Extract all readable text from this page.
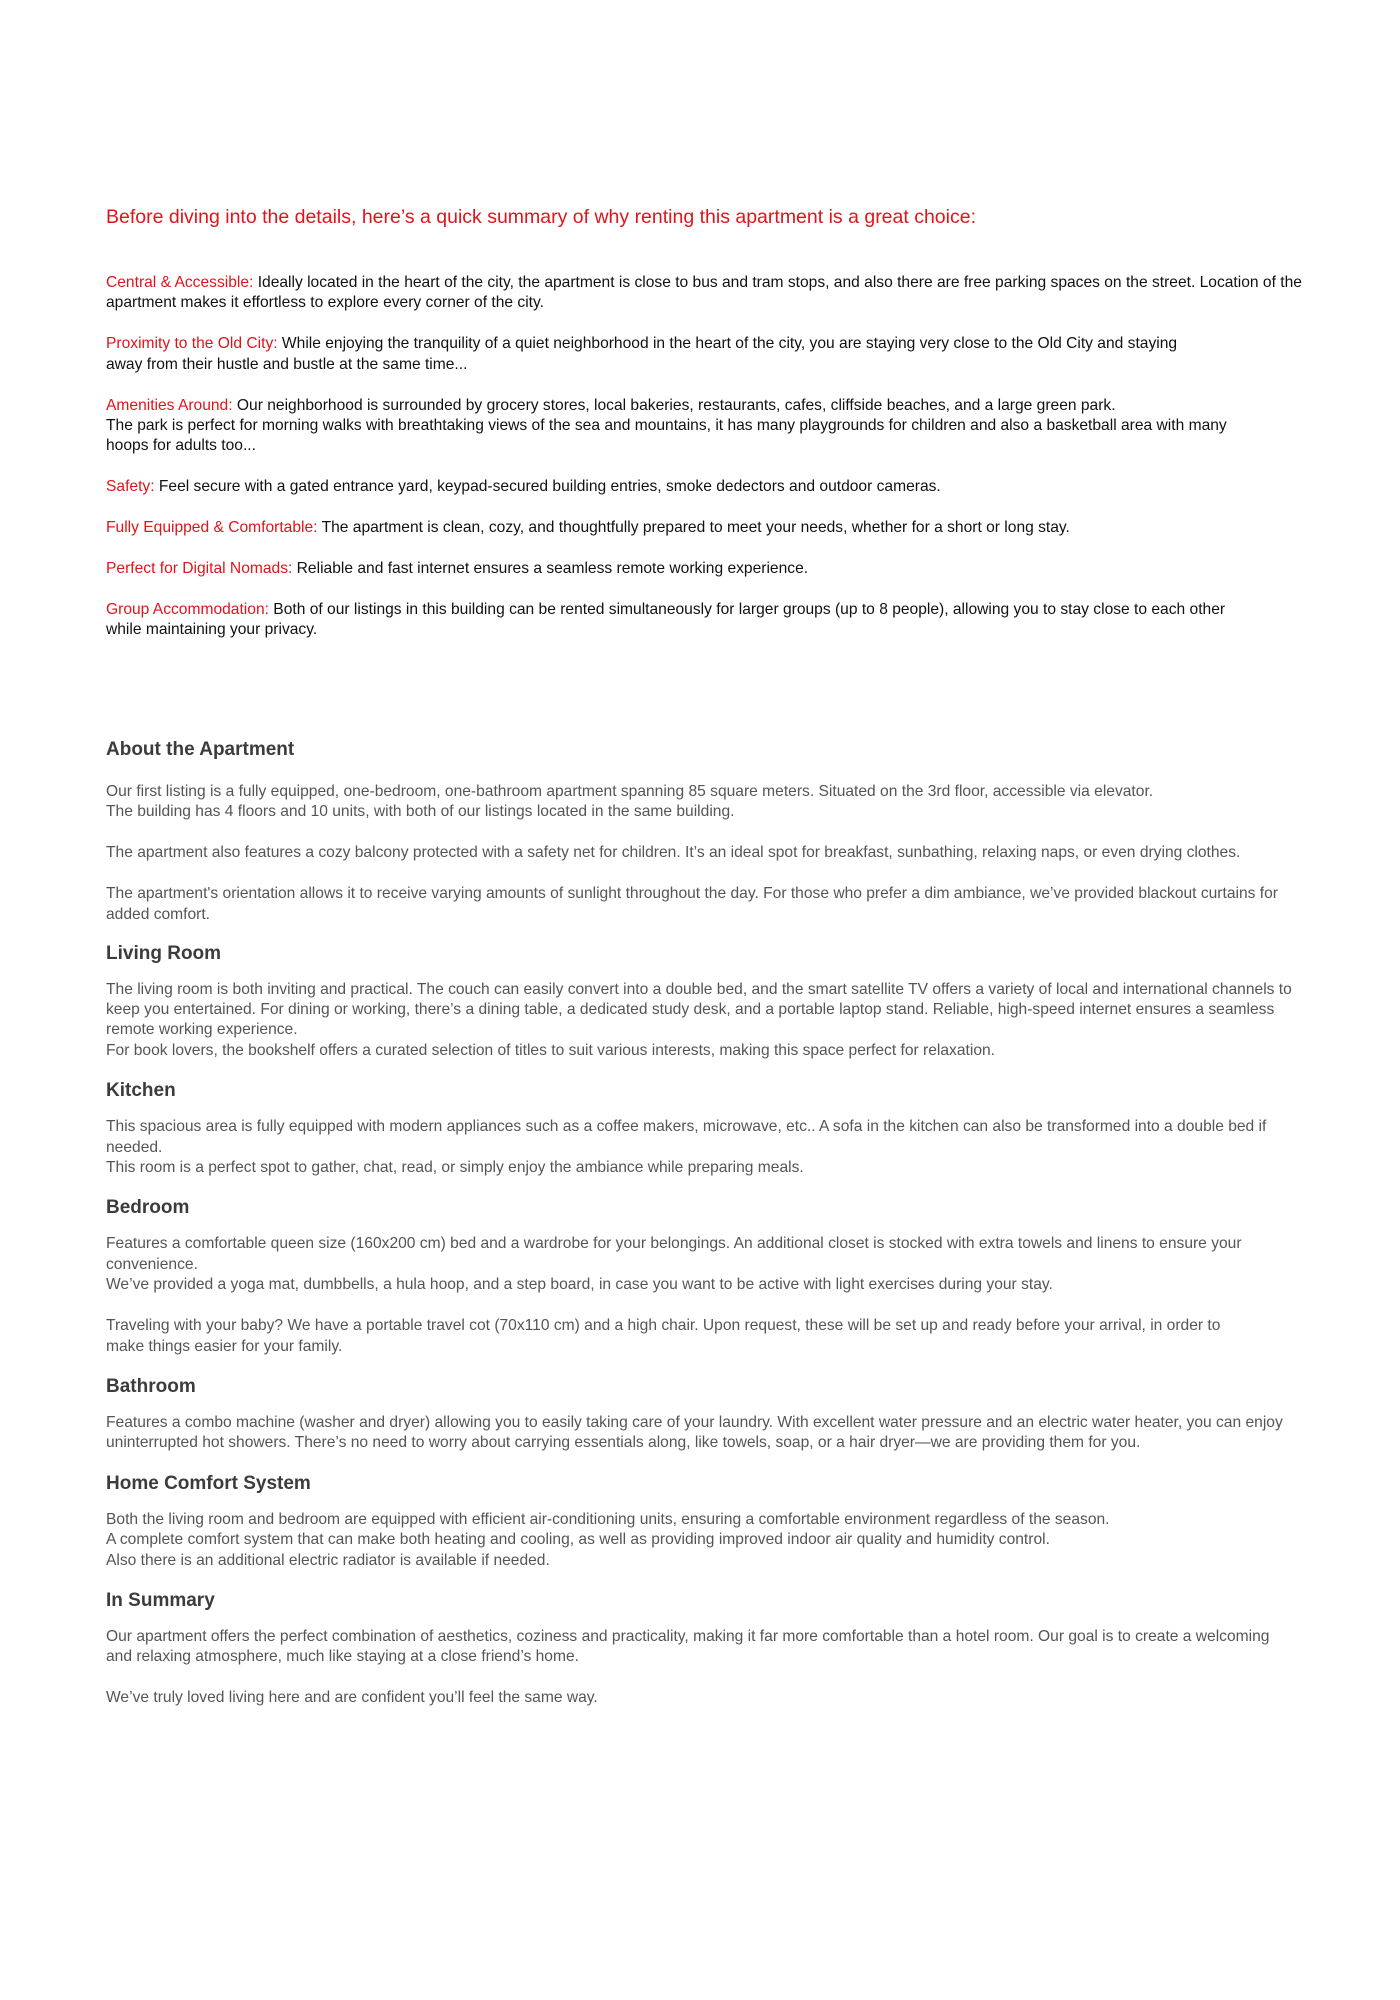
Before diving into the details, here’s a quick summary of why renting this apartment is a great choice:

Central & Accessible: Ideally located in the heart of the city, the apartment is close to bus and tram stops, and also there are free parking spaces on the street. Location of the apartment makes it effortless to explore every corner of the city.

Proximity to the Old City: While enjoying the tranquility of a quiet neighborhood in the heart of the city, you are staying very close to the Old City and staying away from their hustle and bustle at the same time...

Amenities Around: Our neighborhood is surrounded by grocery stores, local bakeries, restaurants, cafes, cliffside beaches, and a large green park.
The park is perfect for morning walks with breathtaking views of the sea and mountains, it has many playgrounds for children and also a basketball area with many hoops for adults too...

Safety: Feel secure with a gated entrance yard, keypad-secured building entries, smoke dedectors and outdoor cameras.

Fully Equipped & Comfortable: The apartment is clean, cozy, and thoughtfully prepared to meet your needs, whether for a short or long stay.

Perfect for Digital Nomads: Reliable and fast internet ensures a seamless remote working experience.

Group Accommodation: Both of our listings in this building can be rented simultaneously for larger groups (up to 8 people), allowing you to stay close to each other while maintaining your privacy.

About the Apartment

Our first listing is a fully equipped, one-bedroom, one-bathroom apartment spanning 85 square meters. Situated on the 3rd floor, accessible via elevator.
The building has 4 floors and 10 units, with both of our listings located in the same building.

The apartment also features a cozy balcony protected with a safety net for children. It’s an ideal spot for breakfast, sunbathing, relaxing naps, or even drying clothes.

The apartment's orientation allows it to receive varying amounts of sunlight throughout the day. For those who prefer a dim ambiance, we’ve provided blackout curtains for added comfort.

Living Room

The living room is both inviting and practical. The couch can easily convert into a double bed, and the smart satellite TV offers a variety of local and international channels to keep you entertained. For dining or working, there’s a dining table, a dedicated study desk, and a portable laptop stand. Reliable, high-speed internet ensures a seamless remote working experience.
For book lovers, the bookshelf offers a curated selection of titles to suit various interests, making this space perfect for relaxation.

Kitchen

This spacious area is fully equipped with modern appliances such as a coffee makers, microwave, etc.. A sofa in the kitchen can also be transformed into a double bed if needed.
This room is a perfect spot to gather, chat, read, or simply enjoy the ambiance while preparing meals.

Bedroom

Features a comfortable queen size (160x200 cm) bed and a wardrobe for your belongings. An additional closet is stocked with extra towels and linens to ensure your convenience.
We’ve provided a yoga mat, dumbbells, a hula hoop, and a step board, in case you want to be active with light exercises during your stay.

Traveling with your baby? We have a portable travel cot (70x110 cm) and a high chair. Upon request, these will be set up and ready before your arrival, in order to make things easier for your family.

Bathroom

Features a combo machine (washer and dryer) allowing you to easily taking care of your laundry. With excellent water pressure and an electric water heater, you can enjoy uninterrupted hot showers. There’s no need to worry about carrying essentials along, like towels, soap, or a hair dryer—we are providing them for you.

Home Comfort System

Both the living room and bedroom are equipped with efficient air-conditioning units, ensuring a comfortable environment regardless of the season.
A complete comfort system that can make both heating and cooling, as well as providing improved indoor air quality and humidity control.
Also there is an additional electric radiator is available if needed.

In Summary

Our apartment offers the perfect combination of aesthetics, coziness and practicality, making it far more comfortable than a hotel room. Our goal is to create a welcoming and relaxing atmosphere, much like staying at a close friend’s home.

We’ve truly loved living here and are confident you’ll feel the same way.
